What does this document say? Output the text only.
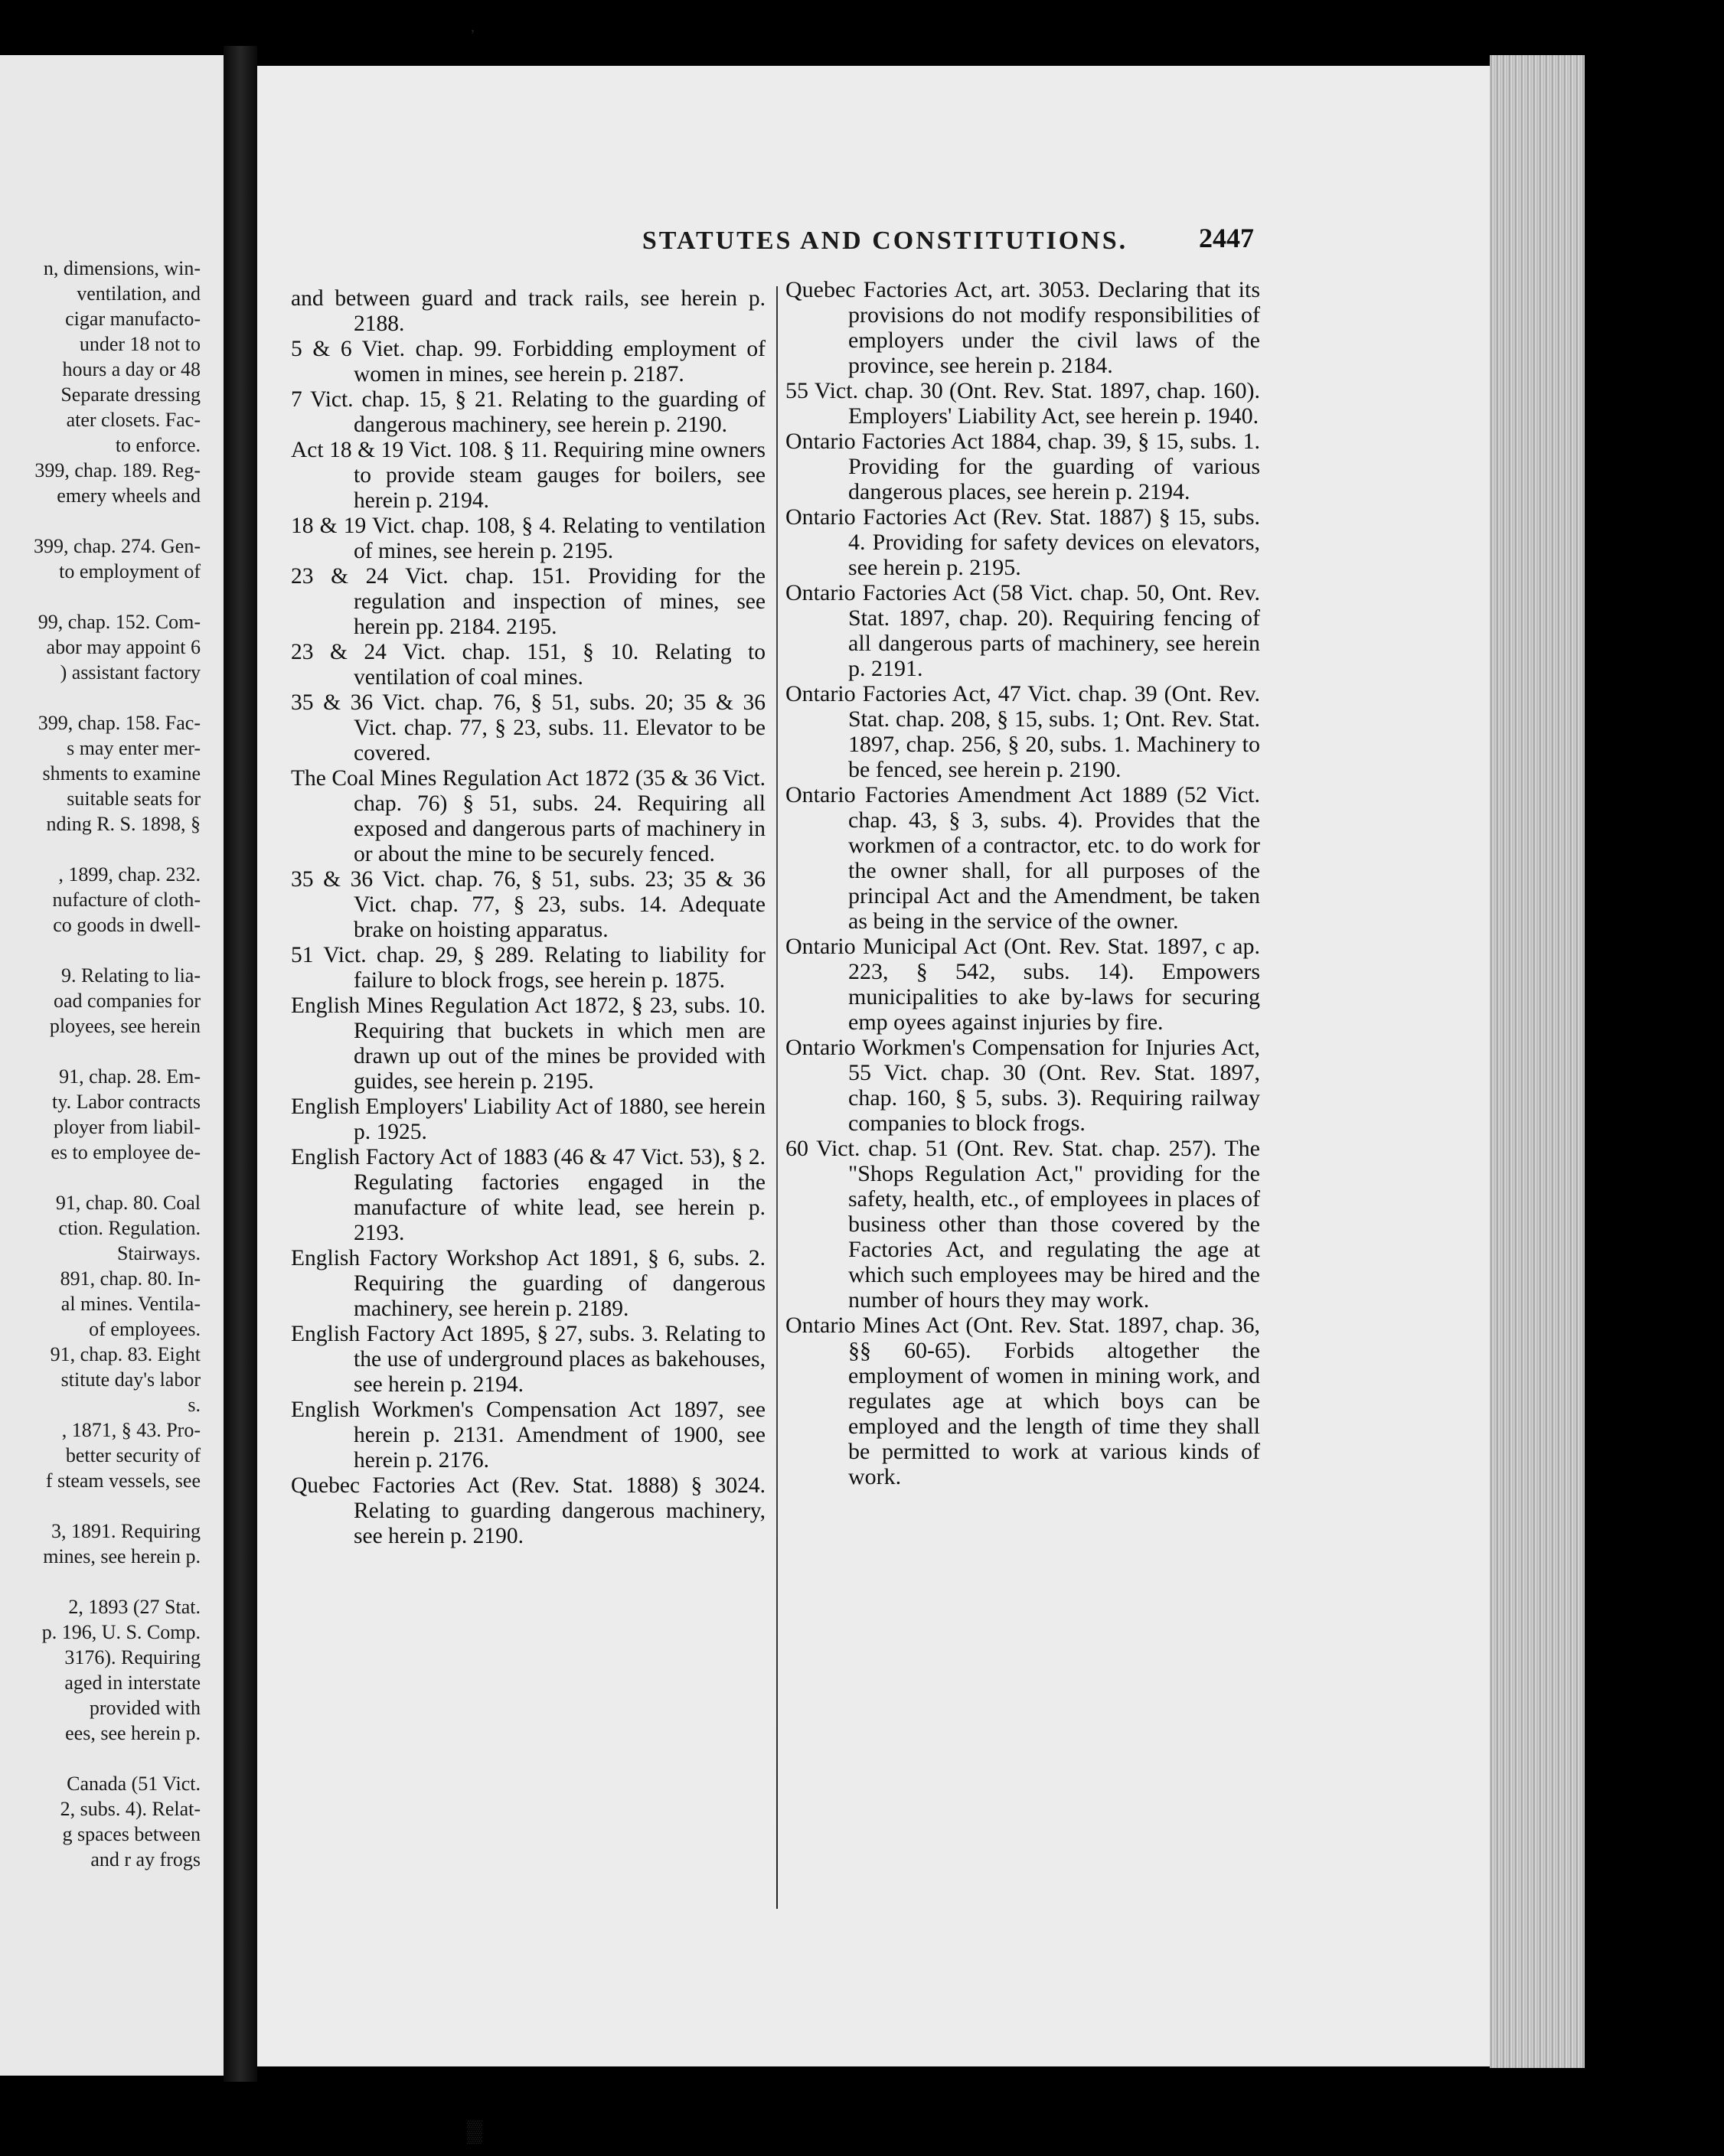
n, dimensions, win-
ventilation, and
cigar manufacto-
under 18 not to
hours a day or 48
Separate dressing
ater closets. Fac-
to enforce.
399, chap. 189. Reg-
emery wheels and

399, chap. 274. Gen-
to employment of

99, chap. 152. Com-
abor may appoint 6
) assistant factory

399, chap. 158. Fac-
s may enter mer-
shments to examine
suitable seats for
nding R. S. 1898, §

, 1899, chap. 232.
nufacture of cloth-
co goods in dwell-

9. Relating to lia-
oad companies for
ployees, see herein

91, chap. 28. Em-
ty. Labor contracts
ployer from liabil-
es to employee de-

91, chap. 80. Coal
ction. Regulation.
Stairways.
891, chap. 80. In-
al mines. Ventila-
of employees.
91, chap. 83. Eight
stitute day's labor
s.
, 1871, § 43. Pro-
better security of
f steam vessels, see

3, 1891. Requiring
mines, see herein p.

2, 1893 (27 Stat.
p. 196, U. S. Comp.
3176). Requiring
aged in interstate
provided with
ees, see herein p.

Canada (51 Vict.
2, subs. 4). Relat-
g spaces between
and r ay frogs
STATUTES AND CONSTITUTIONS.	2447

and between guard and track rails, see herein p. 2188.

5 & 6 Viet. chap. 99. Forbidding employment of women in mines, see herein p. 2187.

7 Vict. chap. 15, § 21. Relating to the guarding of dangerous machinery, see herein p. 2190.

Act 18 & 19 Vict. 108. § 11. Requiring mine owners to provide steam gauges for boilers, see herein p. 2194.

18 & 19 Vict. chap. 108, § 4. Relating to ventilation of mines, see herein p. 2195.

23 & 24 Vict. chap. 151. Providing for the regulation and inspection of mines, see herein pp. 2184. 2195.

23 & 24 Vict. chap. 151, § 10. Relating to ventilation of coal mines.

35 & 36 Vict. chap. 76, § 51, subs. 20; 35 & 36 Vict. chap. 77, § 23, subs. 11. Elevator to be covered.

The Coal Mines Regulation Act 1872 (35 & 36 Vict. chap. 76) § 51, subs. 24. Requiring all exposed and dangerous parts of machinery in or about the mine to be securely fenced.

35 & 36 Vict. chap. 76, § 51, subs. 23; 35 & 36 Vict. chap. 77, § 23, subs. 14. Adequate brake on hoisting apparatus.

51 Vict. chap. 29, § 289. Relating to liability for failure to block frogs, see herein p. 1875.

English Mines Regulation Act 1872, § 23, subs. 10. Requiring that buckets in which men are drawn up out of the mines be provided with guides, see herein p. 2195.

English Employers' Liability Act of 1880, see herein p. 1925.

English Factory Act of 1883 (46 & 47 Vict. 53), § 2. Regulating factories engaged in the manufacture of white lead, see herein p. 2193.

English Factory Workshop Act 1891, § 6, subs. 2. Requiring the guarding of dangerous machinery, see herein p. 2189.

English Factory Act 1895, § 27, subs. 3. Relating to the use of underground places as bakehouses, see herein p. 2194.

English Workmen's Compensation Act 1897, see herein p. 2131. Amendment of 1900, see herein p. 2176.

Quebec Factories Act (Rev. Stat. 1888) § 3024. Relating to guarding dangerous machinery, see herein p. 2190.

Quebec Factories Act, art. 3053. Declaring that its provisions do not modify responsibilities of employers under the civil laws of the province, see herein p. 2184.

55 Vict. chap. 30 (Ont. Rev. Stat. 1897, chap. 160). Employers' Liability Act, see herein p. 1940.

Ontario Factories Act 1884, chap. 39, § 15, subs. 1. Providing for the guarding of various dangerous places, see herein p. 2194.

Ontario Factories Act (Rev. Stat. 1887) § 15, subs. 4. Providing for safety devices on elevators, see herein p. 2195.

Ontario Factories Act (58 Vict. chap. 50, Ont. Rev. Stat. 1897, chap. 20). Requiring fencing of all dangerous parts of machinery, see herein p. 2191.

Ontario Factories Act, 47 Vict. chap. 39 (Ont. Rev. Stat. chap. 208, § 15, subs. 1; Ont. Rev. Stat. 1897, chap. 256, § 20, subs. 1. Machinery to be fenced, see herein p. 2190.

Ontario Factories Amendment Act 1889 (52 Vict. chap. 43, § 3, subs. 4). Provides that the workmen of a contractor, etc. to do work for the owner shall, for all purposes of the principal Act and the Amendment, be taken as being in the service of the owner.

Ontario Municipal Act (Ont. Rev. Stat. 1897, c ap. 223, § 542, subs. 14). Empowers municipalities to ake by-laws for securing emp oyees against injuries by fire.

Ontario Workmen's Compensation for Injuries Act, 55 Vict. chap. 30 (Ont. Rev. Stat. 1897, chap. 160, § 5, subs. 3). Requiring railway companies to block frogs.

60 Vict. chap. 51 (Ont. Rev. Stat. chap. 257). The "Shops Regulation Act," providing for the safety, health, etc., of employees in places of business other than those covered by the Factories Act, and regulating the age at which such employees may be hired and the number of hours they may work.

Ontario Mines Act (Ont. Rev. Stat. 1897, chap. 36, §§ 60-65). Forbids altogether the employment of women in mining work, and regulates age at which boys can be employed and the length of time they shall be permitted to work at various kinds of work.

‚
▒
